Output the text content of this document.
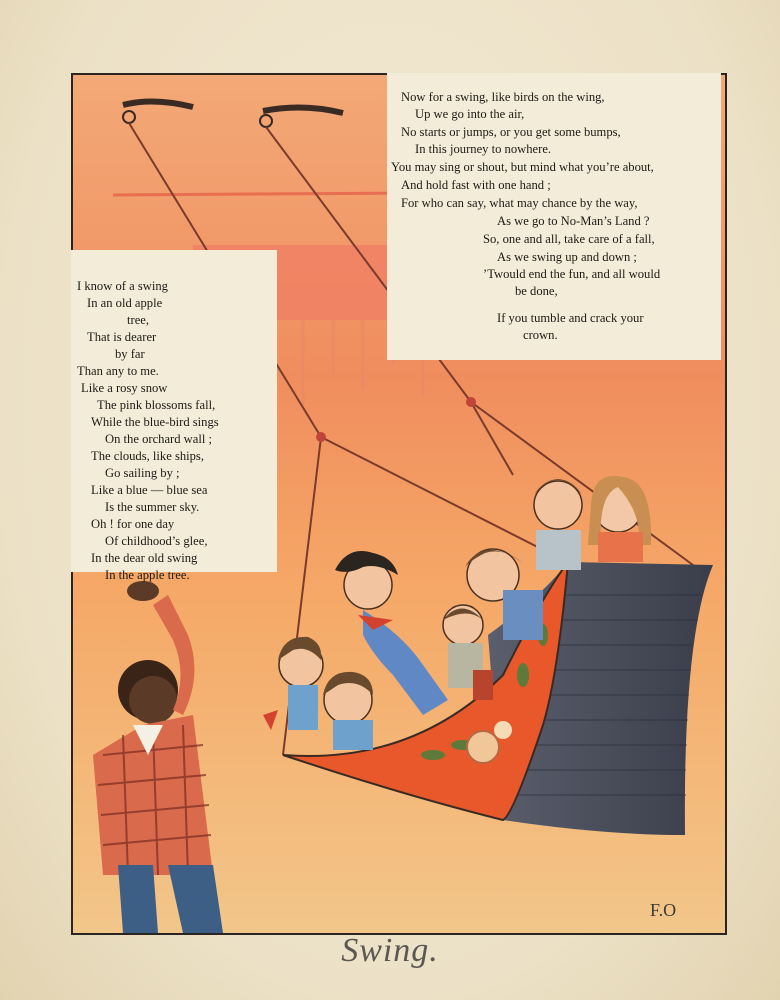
Now for a swing, like birds on the wing,
Up we go into the air,
No starts or jumps, or you get some bumps,
In this journey to nowhere.
You may sing or shout, but mind what you’re about,
And hold fast with one hand ;
For who can say, what may chance by the way,
As we go to No-Man’s Land ?
So, one and all, take care of a fall,
As we swing up and down ;
’Twould end the fun, and all would
be done,
If you tumble and crack your
crown.
I know of a swing
In an old apple
tree,
That is dearer
by far
Than any to me.
Like a rosy snow
The pink blossoms fall,
While the blue-bird sings
On the orchard wall ;
The clouds, like ships,
Go sailing by ;
Like a blue — blue sea
Is the summer sky.
Oh ! for one day
Of childhood’s glee,
In the dear old swing
In the apple tree.
F.O
Swing.
